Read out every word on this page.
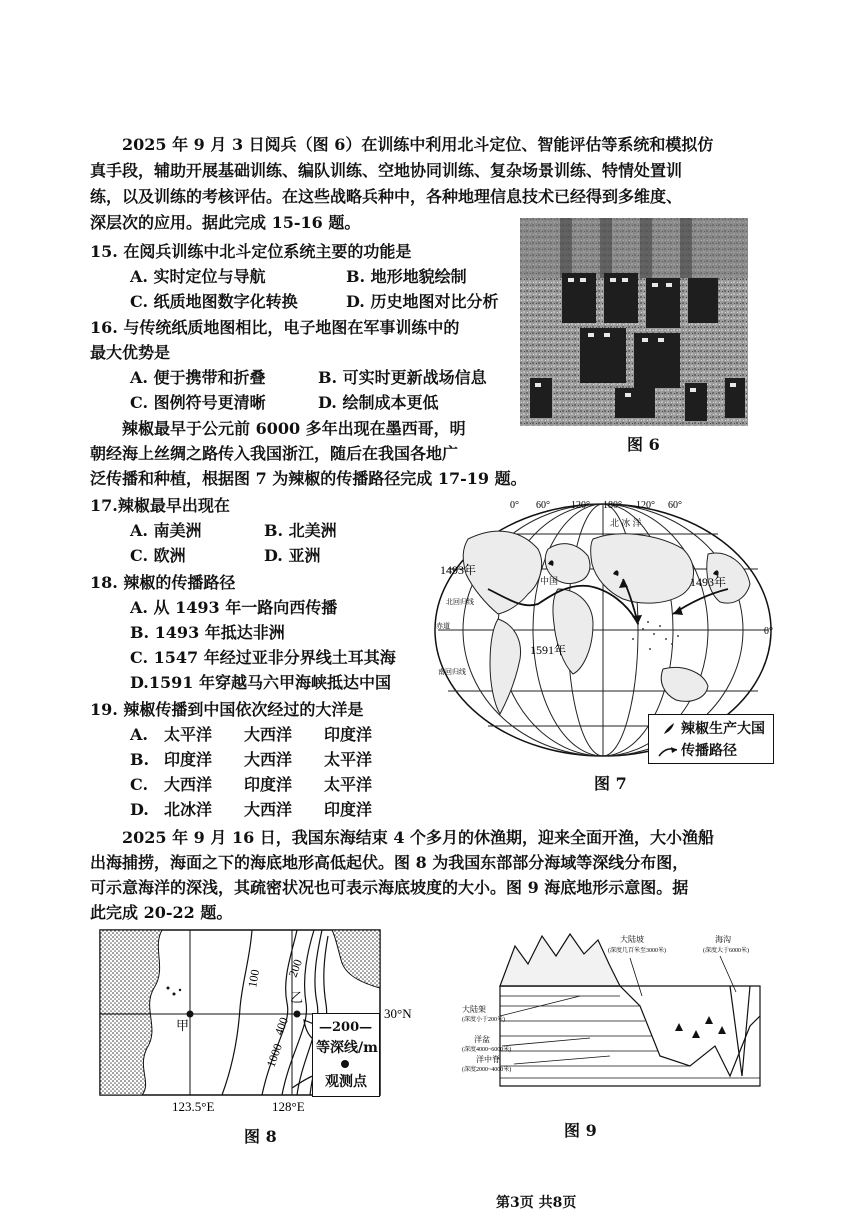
2025 年 9 月 3 日阅兵（图 6）在训练中利用北斗定位、智能评估等系统和模拟仿
真手段，辅助开展基础训练、编队训练、空地协同训练、复杂场景训练、特情处置训
练，以及训练的考核评估。在这些战略兵种中，各种地理信息技术已经得到多维度、
深层次的应用。据此完成 15-16 题。
15. 在阅兵训练中北斗定位系统主要的功能是
A. 实时定位与导航	B. 地形地貌绘制
C. 纸质地图数字化转换	D. 历史地图对比分析
16. 与传统纸质地图相比，电子地图在军事训练中的
最大优势是
A. 便于携带和折叠	B. 可实时更新战场信息
C. 图例符号更清晰	D. 绘制成本更低
图 6
辣椒最早于公元前 6000 多年出现在墨西哥，明
朝经海上丝绸之路传入我国浙江，随后在我国各地广
泛传播和种植，根据图 7 为辣椒的传播路径完成 17-19 题。
17.辣椒最早出现在
A. 南美洲	B. 北美洲
C. 欧洲	D. 亚洲
18. 辣椒的传播路径
A. 从 1493 年一路向西传播
B. 1493 年抵达非洲
C. 1547 年经过亚非分界线土耳其海
D.1591 年穿越马六甲海峡抵达中国
19. 辣椒传播到中国依次经过的大洋是
A. 太平洋 大西洋 印度洋
B. 印度洋 大西洋 太平洋
C. 大西洋 印度洋 太平洋
D. 北冰洋 大西洋 印度洋
0° 60° 120° 180° 120° 60°
0°
北 冰 洋
中国
1493年
1493年
1591年
北回归线
赤道
南回归线
辣椒生产大国
传播路径
图 7
2025 年 9 月 16 日，我国东海结束 4 个多月的休渔期，迎来全面开渔，大小渔船
出海捕捞，海面之下的海底地形高低起伏。图 8 为我国东部部分海域等深线分布图，
可示意海洋的深浅，其疏密状况也可表示海底坡度的大小。图 9 海底地形示意图。据
此完成 20-22 题。
甲
乙
100 200
400
1000
30°N
123.5°E	128°E
—200—
等深线/m
观测点
图 8
大陆坡
(深度几百米至3000米)
海沟
(深度大于6000米)
大陆架
(深度小于200米)
洋盆
(深度4000~6000米)
洋中脊
(深度2000~4000米)
图 9
第3页 共8页
